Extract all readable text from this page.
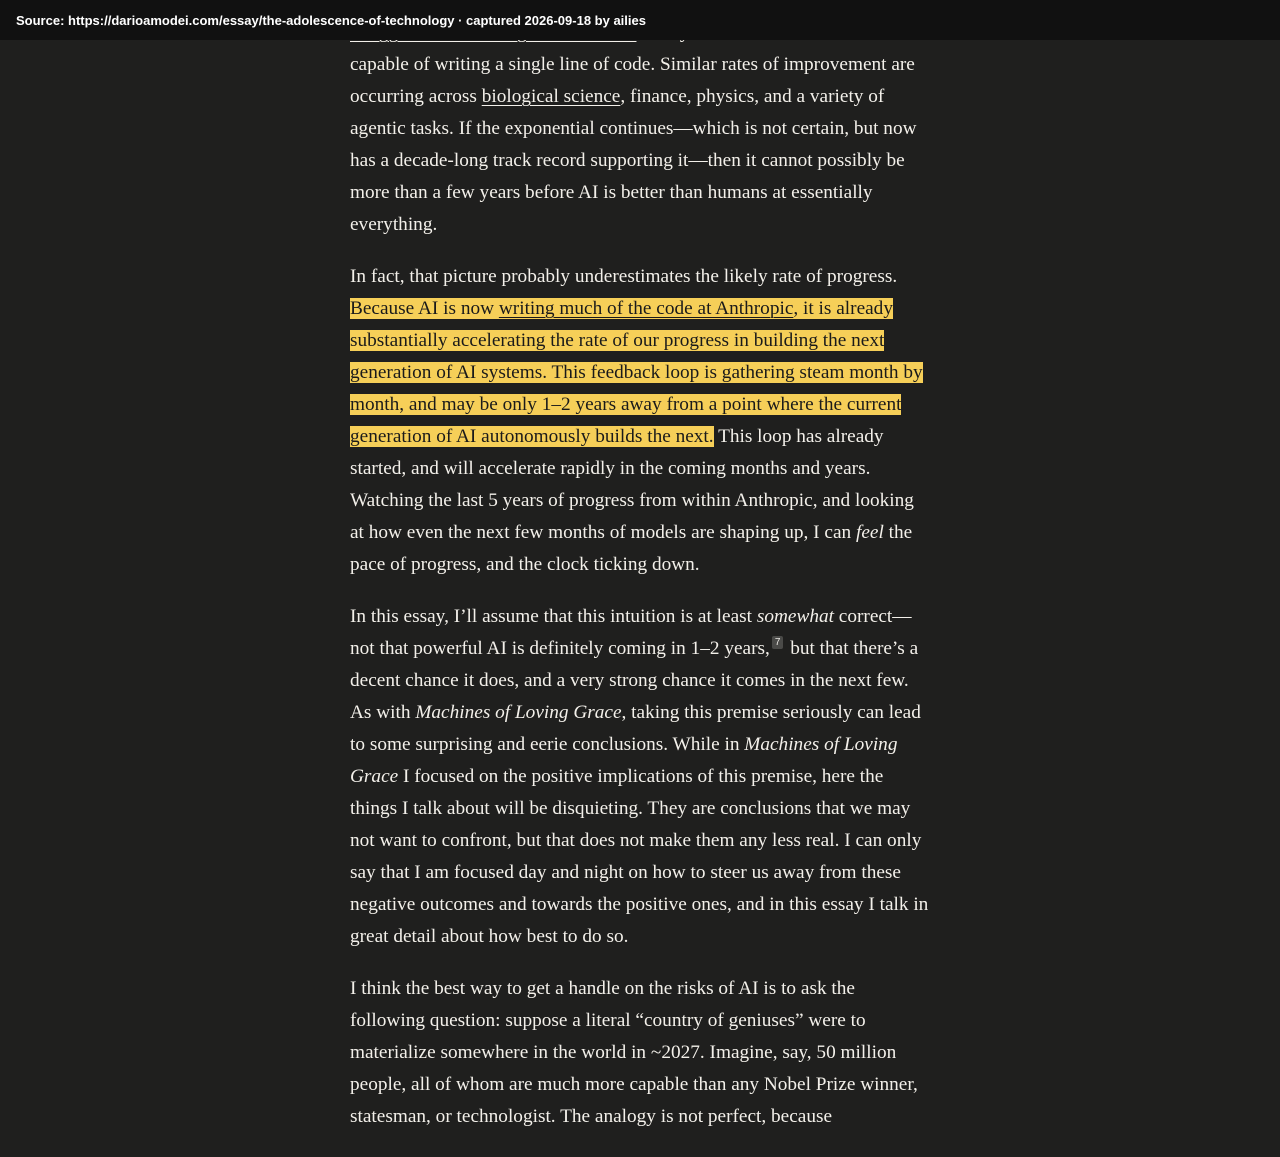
Source: https://darioamodei.com/essay/the-adolescence-of-technology · captured 2026-09-18 by ailies

capable of writing a single line of code. Similar rates of improvement are occurring across biological science, finance, physics, and a variety of agentic tasks. If the exponential continues—which is not certain, but now has a decade-long track record supporting it—then it cannot possibly be more than a few years before AI is better than humans at essentially everything.

In fact, that picture probably underestimates the likely rate of progress. Because AI is now writing much of the code at Anthropic, it is already substantially accelerating the rate of our progress in building the next generation of AI systems. This feedback loop is gathering steam month by month, and may be only 1–2 years away from a point where the current generation of AI autonomously builds the next. This loop has already started, and will accelerate rapidly in the coming months and years. Watching the last 5 years of progress from within Anthropic, and looking at how even the next few months of models are shaping up, I can feel the pace of progress, and the clock ticking down.

In this essay, I’ll assume that this intuition is at least somewhat correct—not that powerful AI is definitely coming in 1–2 years, 7 but that there’s a decent chance it does, and a very strong chance it comes in the next few. As with Machines of Loving Grace, taking this premise seriously can lead to some surprising and eerie conclusions. While in Machines of Loving Grace I focused on the positive implications of this premise, here the things I talk about will be disquieting. They are conclusions that we may not want to confront, but that does not make them any less real. I can only say that I am focused day and night on how to steer us away from these negative outcomes and towards the positive ones, and in this essay I talk in great detail about how best to do so.

I think the best way to get a handle on the risks of AI is to ask the following question: suppose a literal “country of geniuses” were to materialize somewhere in the world in ~2027. Imagine, say, 50 million people, all of whom are much more capable than any Nobel Prize winner, statesman, or technologist. The analogy is not perfect, because
